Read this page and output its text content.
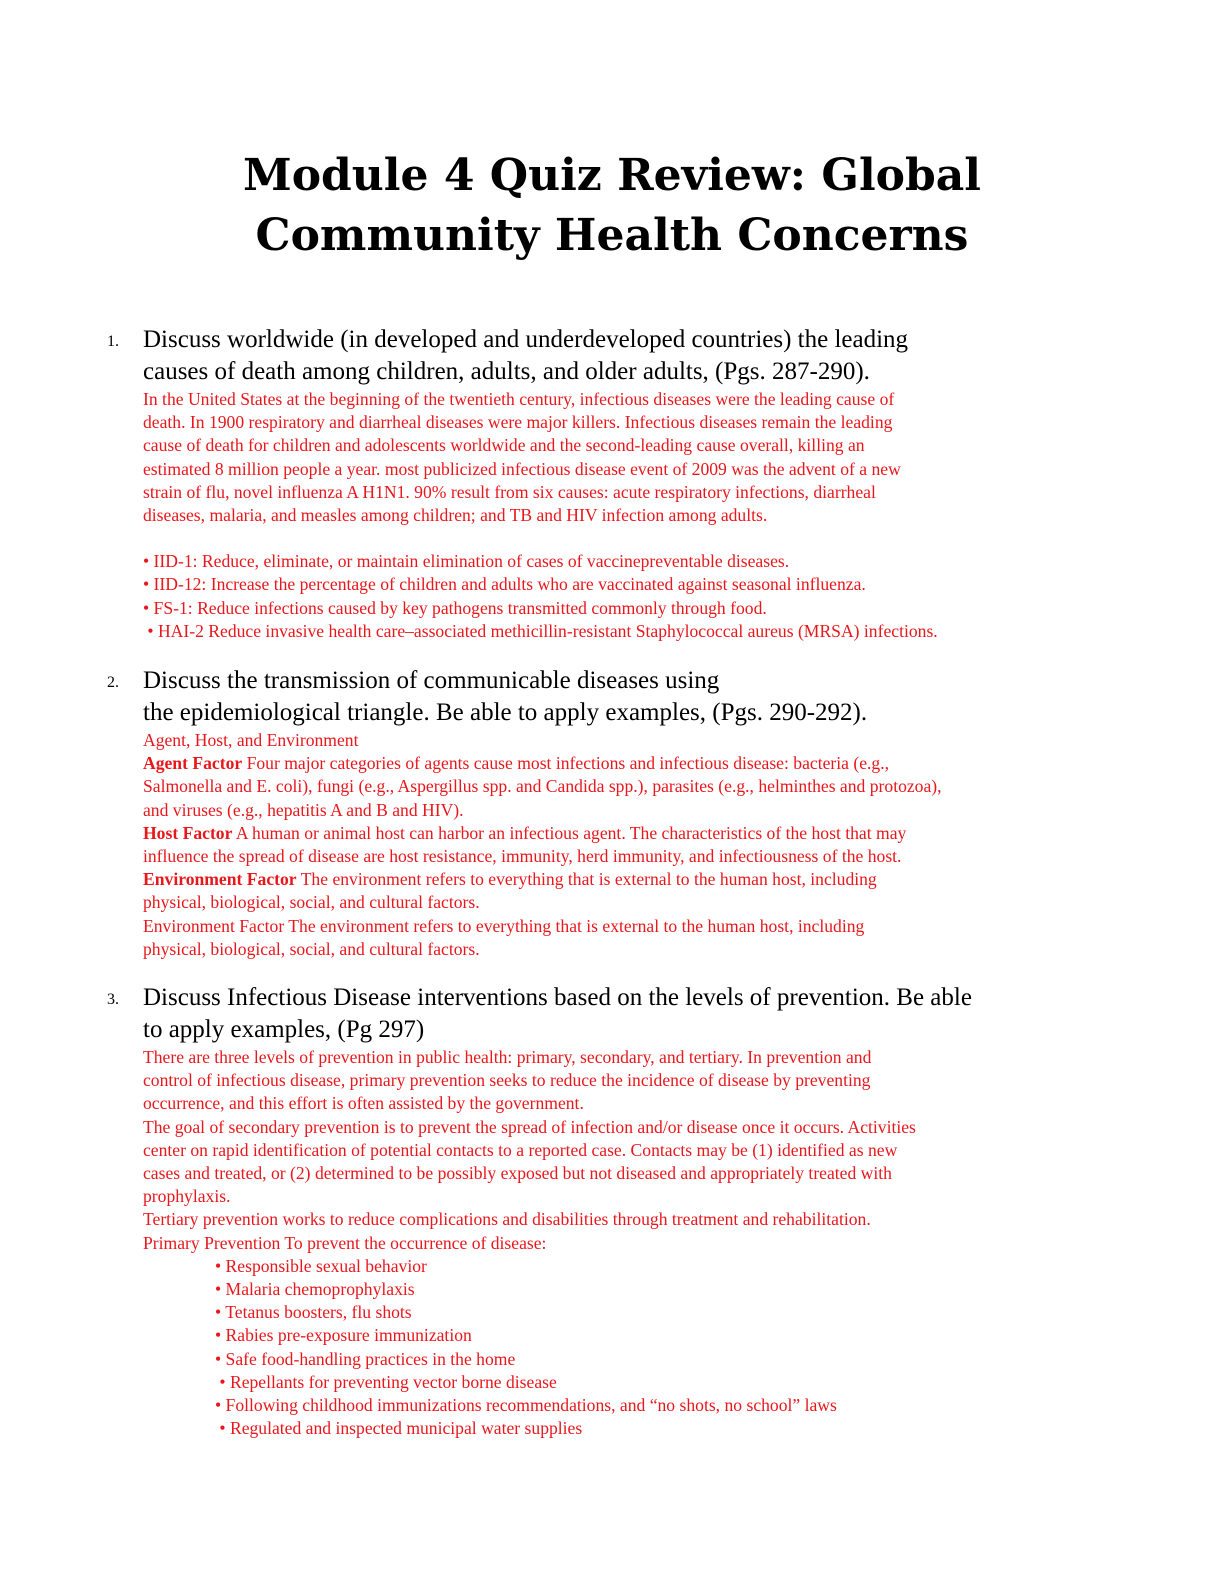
Module 4 Quiz Review: Global
Community Health Concerns
1. Discuss worldwide (in developed and underdeveloped countries) the leading
causes of death among children, adults, and older adults, (Pgs. 287-290).

In the United States at the beginning of the twentieth century, infectious diseases were the leading cause of

death. In 1900 respiratory and diarrheal diseases were major killers. Infectious diseases remain the leading

cause of death for children and adolescents worldwide and the second-leading cause overall, killing an

estimated 8 million people a year. most publicized infectious disease event of 2009 was the advent of a new

strain of flu, novel influenza A H1N1. 90% result from six causes: acute respiratory infections, diarrheal

diseases, malaria, and measles among children; and TB and HIV infection among adults.

• IID-1: Reduce, eliminate, or maintain elimination of cases of vaccinepreventable diseases.

• IID-12: Increase the percentage of children and adults who are vaccinated against seasonal influenza.

• FS-1: Reduce infections caused by key pathogens transmitted commonly through food.

• HAI-2 Reduce invasive health care–associated methicillin-resistant Staphylococcal aureus (MRSA) infections.

2. Discuss the transmission of communicable diseases using
the epidemiological triangle. Be able to apply examples, (Pgs. 290-292).

Agent, Host, and Environment

Agent Factor Four major categories of agents cause most infections and infectious disease: bacteria (e.g.,

Salmonella and E. coli), fungi (e.g., Aspergillus spp. and Candida spp.), parasites (e.g., helminthes and protozoa),

and viruses (e.g., hepatitis A and B and HIV).

Host Factor A human or animal host can harbor an infectious agent. The characteristics of the host that may

influence the spread of disease are host resistance, immunity, herd immunity, and infectiousness of the host.

Environment Factor The environment refers to everything that is external to the human host, including

physical, biological, social, and cultural factors.

Environment Factor The environment refers to everything that is external to the human host, including

physical, biological, social, and cultural factors.

3. Discuss Infectious Disease interventions based on the levels of prevention. Be able
to apply examples, (Pg 297)

There are three levels of prevention in public health: primary, secondary, and tertiary. In prevention and

control of infectious disease, primary prevention seeks to reduce the incidence of disease by preventing

occurrence, and this effort is often assisted by the government.

The goal of secondary prevention is to prevent the spread of infection and/or disease once it occurs. Activities

center on rapid identification of potential contacts to a reported case. Contacts may be (1) identified as new

cases and treated, or (2) determined to be possibly exposed but not diseased and appropriately treated with

prophylaxis.

Tertiary prevention works to reduce complications and disabilities through treatment and rehabilitation.

Primary Prevention To prevent the occurrence of disease:

• Responsible sexual behavior

• Malaria chemoprophylaxis

• Tetanus boosters, flu shots

• Rabies pre-exposure immunization

• Safe food-handling practices in the home

• Repellants for preventing vector borne disease

• Following childhood immunizations recommendations, and “no shots, no school” laws

• Regulated and inspected municipal water supplies
